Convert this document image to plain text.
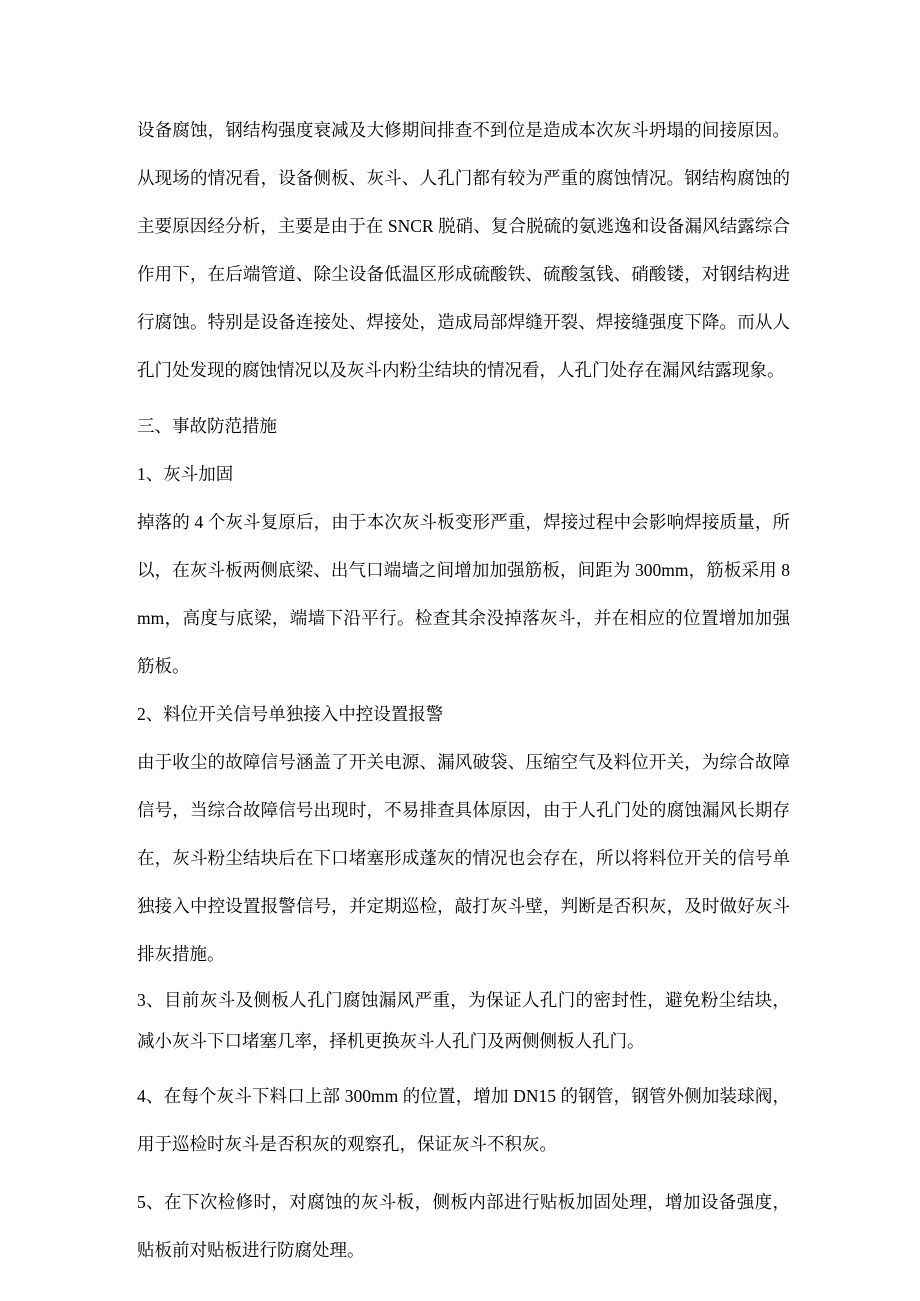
设备腐蚀，钢结构强度衰减及大修期间排查不到位是造成本次灰斗坍塌的间接原因。从现场的情况看，设备侧板、灰斗、人孔门都有较为严重的腐蚀情况。钢结构腐蚀的主要原因经分析，主要是由于在 SNCR 脱硝、复合脱硫的氨逃逸和设备漏风结露综合作用下，在后端管道、除尘设备低温区形成硫酸铁、硫酸氢钱、硝酸镂，对钢结构进行腐蚀。特别是设备连接处、焊接处，造成局部焊缝开裂、焊接缝强度下降。而从人孔门处发现的腐蚀情况以及灰斗内粉尘结块的情况看，人孔门处存在漏风结露现象。

三、事故防范措施

1、灰斗加固

掉落的 4 个灰斗复原后，由于本次灰斗板变形严重，焊接过程中会影响焊接质量，所以，在灰斗板两侧底梁、出气口端墙之间增加加强筋板，间距为 300mm，筋板采用 8mm，高度与底梁，端墙下沿平行。检查其余没掉落灰斗，并在相应的位置增加加强筋板。

2、料位开关信号单独接入中控设置报警

由于收尘的故障信号涵盖了开关电源、漏风破袋、压缩空气及料位开关，为综合故障信号，当综合故障信号出现时，不易排查具体原因，由于人孔门处的腐蚀漏风长期存在，灰斗粉尘结块后在下口堵塞形成蓬灰的情况也会存在，所以将料位开关的信号单独接入中控设置报警信号，并定期巡检，敲打灰斗壁，判断是否积灰，及时做好灰斗排灰措施。

3、目前灰斗及侧板人孔门腐蚀漏风严重，为保证人孔门的密封性，避免粉尘结块，减小灰斗下口堵塞几率，择机更换灰斗人孔门及两侧侧板人孔门。

4、在每个灰斗下料口上部 300mm 的位置，增加 DN15 的钢管，钢管外侧加装球阀，用于巡检时灰斗是否积灰的观察孔，保证灰斗不积灰。

5、在下次检修时，对腐蚀的灰斗板，侧板内部进行贴板加固处理，增加设备强度，贴板前对贴板进行防腐处理。
